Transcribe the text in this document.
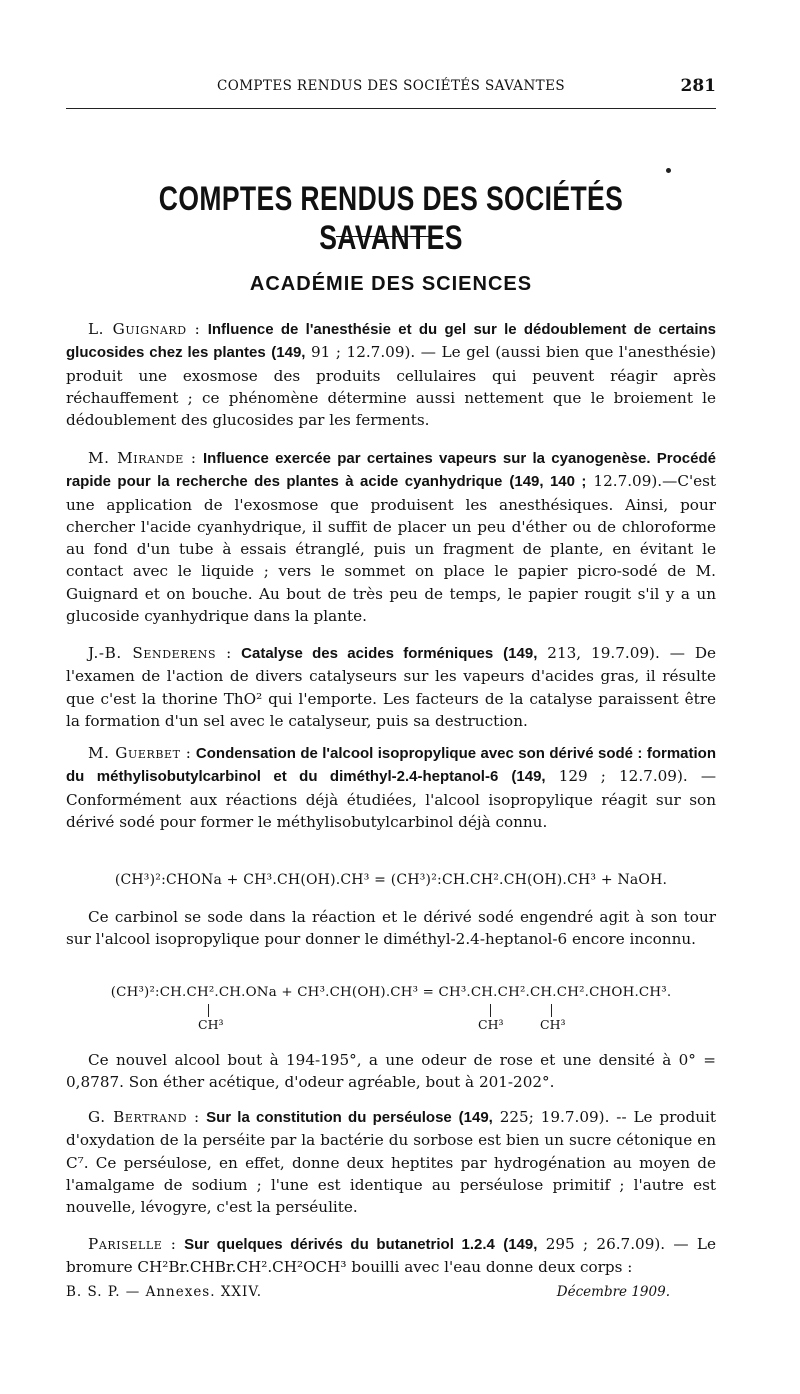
COMPTES RENDUS DES SOCIÉTÉS SAVANTES	281
COMPTES RENDUS DES SOCIÉTÉS SAVANTES
ACADÉMIE DES SCIENCES

L. Guignard : Influence de l'anesthésie et du gel sur le dédoublement de certains glucosides chez les plantes (149, 91 ; 12.7.09). — Le gel (aussi bien que l'anesthésie) produit une exosmose des produits cellulaires qui peuvent réagir après réchauffement ; ce phénomène détermine aussi nettement que le broiement le dédoublement des glucosides par les ferments.

M. Mirande : Influence exercée par certaines vapeurs sur la cyanogenèse. Procédé rapide pour la recherche des plantes à acide cyanhydrique (149, 140 ; 12.7.09).—C'est une application de l'exosmose que produisent les anesthésiques. Ainsi, pour chercher l'acide cyanhydrique, il suffit de placer un peu d'éther ou de chloroforme au fond d'un tube à essais étranglé, puis un fragment de plante, en évitant le contact avec le liquide ; vers le sommet on place le papier picro-sodé de M. Guignard et on bouche. Au bout de très peu de temps, le papier rougit s'il y a un glucoside cyanhydrique dans la plante.

J.-B. Senderens : Catalyse des acides forméniques (149, 213, 19.7.09). — De l'examen de l'action de divers catalyseurs sur les vapeurs d'acides gras, il résulte que c'est la thorine ThO² qui l'emporte. Les facteurs de la catalyse paraissent être la formation d'un sel avec le catalyseur, puis sa destruction.

M. Guerbet : Condensation de l'alcool isopropylique avec son dérivé sodé : formation du méthylisobutylcarbinol et du diméthyl-2.4-heptanol-6 (149, 129 ; 12.7.09). — Conformément aux réactions déjà étudiées, l'alcool isopropylique réagit sur son dérivé sodé pour former le méthylisobutylcarbinol déjà connu.

(CH³)²:CHONa + CH³.CH(OH).CH³ = (CH³)²:CH.CH².CH(OH).CH³ + NaOH.

Ce carbinol se sode dans la réaction et le dérivé sodé engendré agit à son tour sur l'alcool isopropylique pour donner le diméthyl-2.4-heptanol-6 encore inconnu.

(CH³)²:CH.CH².CH.ONa + CH³.CH(OH).CH³ = CH³.CH.CH².CH.CH².CHOH.CH³.

CH³	CH³	CH³

Ce nouvel alcool bout à 194-195°, a une odeur de rose et une densité à 0° = 0,8787. Son éther acétique, d'odeur agréable, bout à 201-202°.

G. Bertrand : Sur la constitution du perséulose (149, 225; 19.7.09). -- Le produit d'oxydation de la perséite par la bactérie du sorbose est bien un sucre cétonique en C⁷. Ce perséulose, en effet, donne deux heptites par hydrogénation au moyen de l'amalgame de sodium ; l'une est identique au perséulose primitif ; l'autre est nouvelle, lévogyre, c'est la perséulite.

Pariselle : Sur quelques dérivés du butanetriol 1.2.4 (149, 295 ; 26.7.09). — Le bromure CH²Br.CHBr.CH².CH²OCH³ bouilli avec l'eau donne deux corps :

B. S. P. — Annexes. XXIV.	Décembre 1909.
